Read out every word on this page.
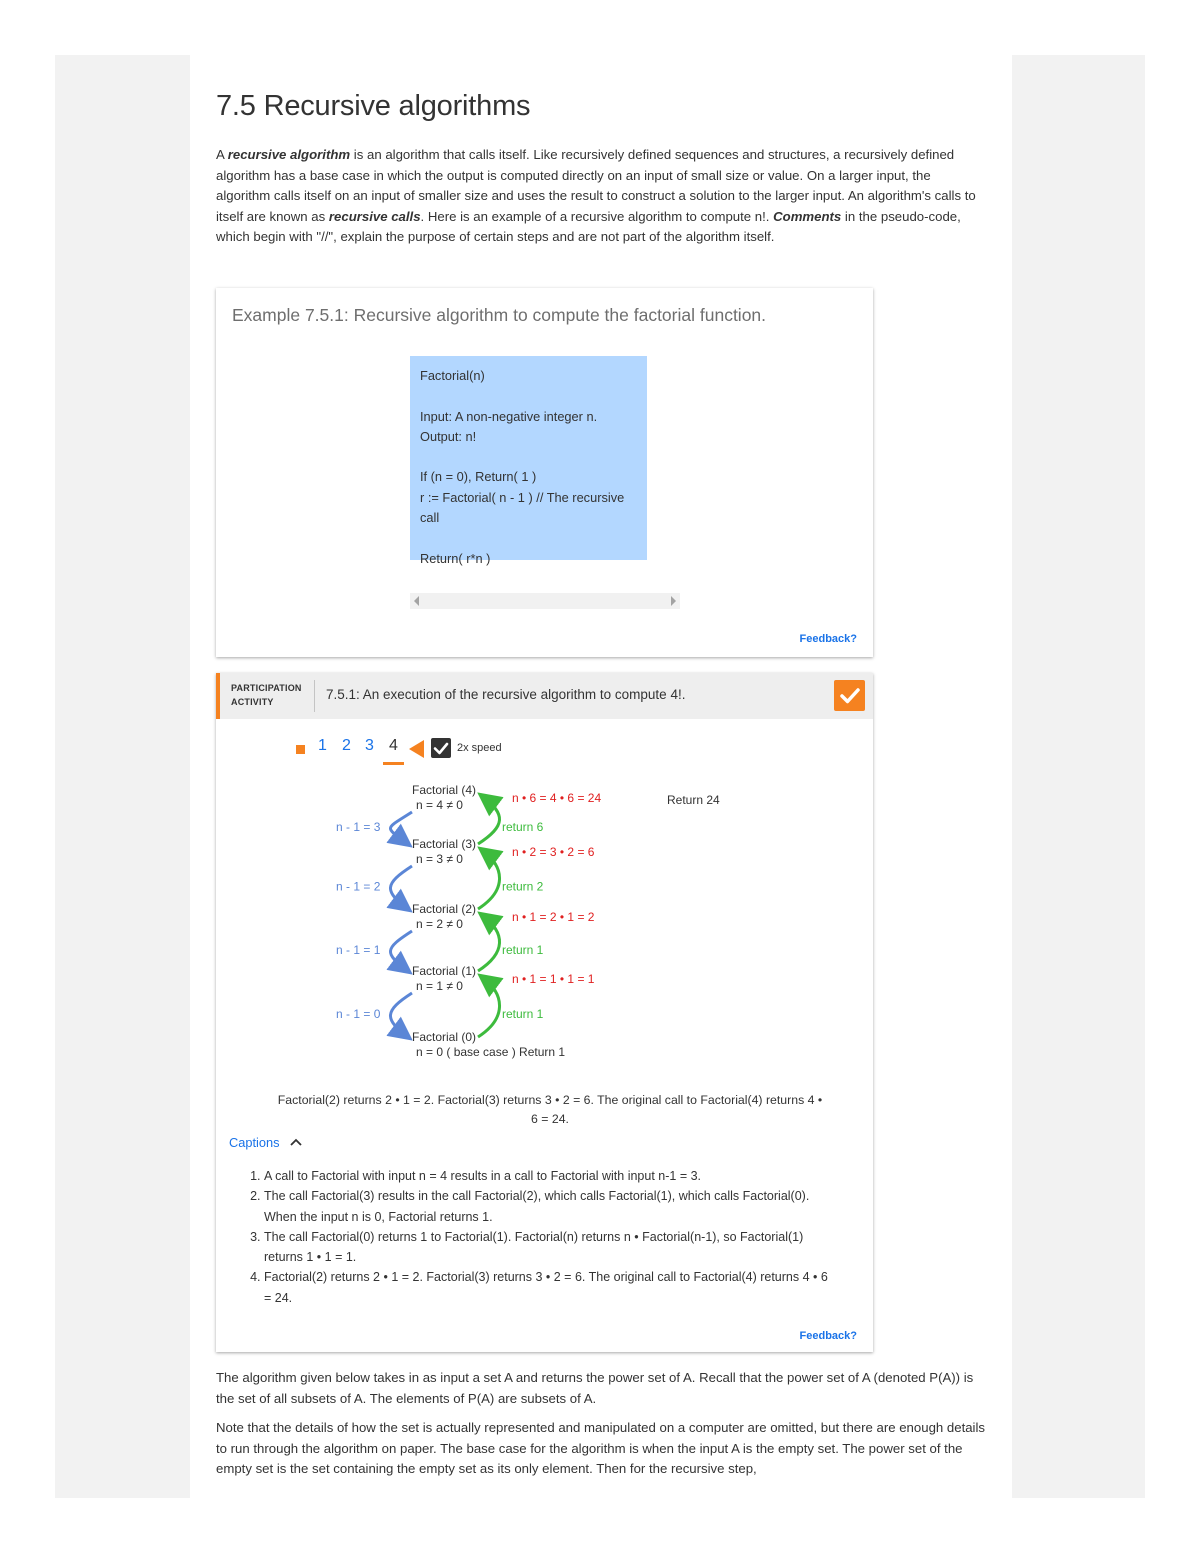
7.5 Recursive algorithms

A recursive algorithm is an algorithm that calls itself. Like recursively defined sequences and structures, a recursively defined algorithm has a base case in which the output is computed directly on an input of small size or value. On a larger input, the algorithm calls itself on an input of smaller size and uses the result to construct a solution to the larger input. An algorithm's calls to itself are known as recursive calls. Here is an example of a recursive algorithm to compute n!. Comments in the pseudo-code, which begin with "//", explain the purpose of certain steps and are not part of the algorithm itself.

Example 7.5.1: Recursive algorithm to compute the factorial function.
Factorial(n)

Input: A non-negative integer n.
Output: n!

If (n = 0), Return( 1 )
r := Factorial( n - 1 ) // The recursive call

Return( r*n )
Feedback?
PARTICIPATION ACTIVITY	7.5.1: An execution of the recursive algorithm to compute 4!.
1 2 3 4	2x speed
Factorial (4)
n = 4 ≠ 0
Factorial (3)
n = 3 ≠ 0
Factorial (2)
n = 2 ≠ 0
Factorial (1)
n = 1 ≠ 0
Factorial (0)
n = 0 ( base case ) Return 1
n - 1 = 3
n - 1 = 2
n - 1 = 1
n - 1 = 0
return 6
return 2
return 1
return 1
n • 6 = 4 • 6 = 24
n • 2 = 3 • 2 = 6
n • 1 = 2 • 1 = 2
n • 1 = 1 • 1 = 1
Return 24
Factorial(2) returns 2 • 1 = 2. Factorial(3) returns 3 • 2 = 6. The original call to Factorial(4) returns 4 • 6 = 24.
Captions
1. A call to Factorial with input n = 4 results in a call to Factorial with input n-1 = 3.
2. The call Factorial(3) results in the call Factorial(2), which calls Factorial(1), which calls Factorial(0). When the input n is 0, Factorial returns 1.
3. The call Factorial(0) returns 1 to Factorial(1). Factorial(n) returns n • Factorial(n-1), so Factorial(1) returns 1 • 1 = 1.
4. Factorial(2) returns 2 • 1 = 2. Factorial(3) returns 3 • 2 = 6. The original call to Factorial(4) returns 4 • 6 = 24.
Feedback?

The algorithm given below takes in as input a set A and returns the power set of A. Recall that the power set of A (denoted P(A)) is the set of all subsets of A. The elements of P(A) are subsets of A.

Note that the details of how the set is actually represented and manipulated on a computer are omitted, but there are enough details to run through the algorithm on paper. The base case for the algorithm is when the input A is the empty set. The power set of the empty set is the set containing the empty set as its only element. Then for the recursive step,
